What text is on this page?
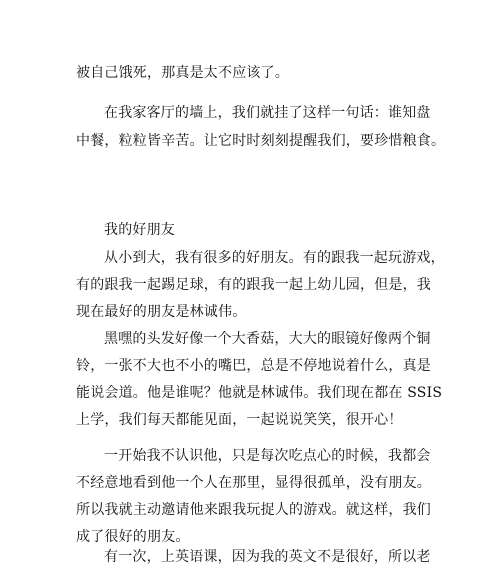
被自己饿死，那真是太不应该了。

在我家客厅的墙上，我们就挂了这样一句话：谁知盘

中餐，粒粒皆辛苦。让它时时刻刻提醒我们，要珍惜粮食。

我的好朋友

从小到大，我有很多的好朋友。有的跟我一起玩游戏，

有的跟我一起踢足球，有的跟我一起上幼儿园，但是，我

现在最好的朋友是林诚伟。

黑嘿的头发好像一个大香菇，大大的眼镜好像两个铜

铃，一张不大也不小的嘴巴，总是不停地说着什么，真是

能说会道。他是谁呢？他就是林诚伟。我们现在都在 SSIS

上学，我们每天都能见面，一起说说笑笑，很开心！

一开始我不认识他，只是每次吃点心的时候，我都会

不经意地看到他一个人在那里，显得很孤单，没有朋友。

所以我就主动邀请他来跟我玩捉人的游戏。就这样，我们

成了很好的朋友。

有一次，上英语课，因为我的英文不是很好，所以老
